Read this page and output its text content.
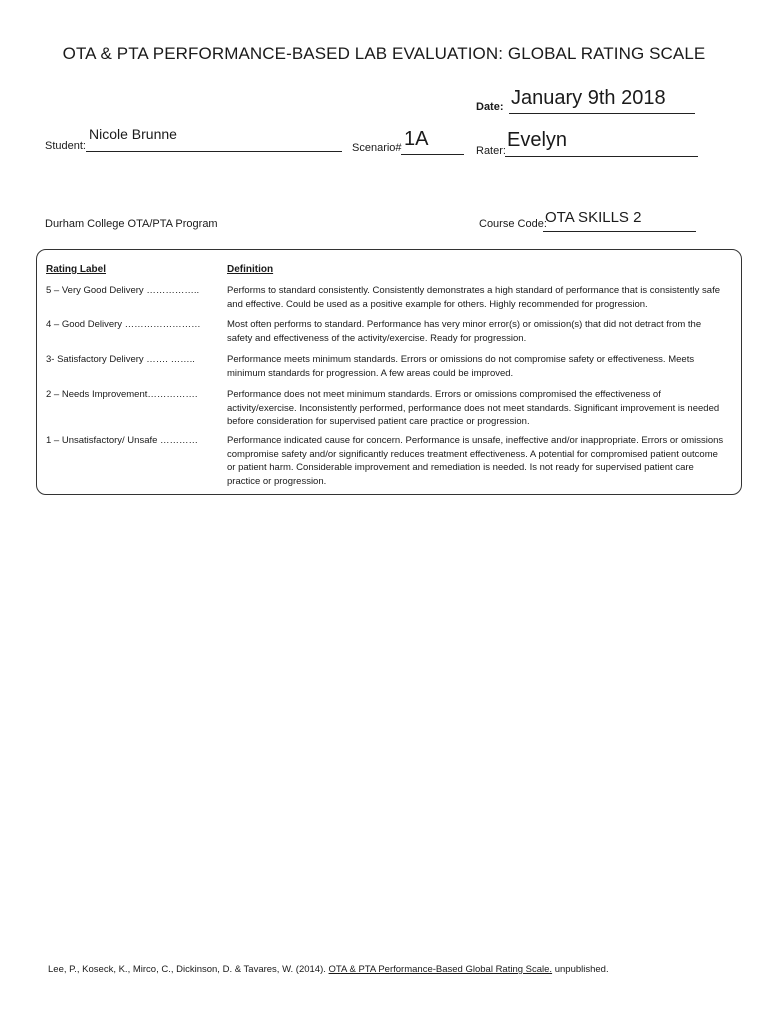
OTA & PTA PERFORMANCE-BASED LAB EVALUATION: GLOBAL RATING SCALE
Date: January 9th 2018
Student:
Nicole Brunne
Scenario# 1A
Rater: Evelyn
Durham College OTA/PTA Program	Course Code:
OTA SKILLS 2
Rating Label	Definition
5 – Very Good Delivery ……………..	Performs to standard consistently. Consistently demonstrates a high standard of performance that is consistently safe and effective. Could be used as a positive example for others. Highly recommended for progression.
4 – Good Delivery ……………………	Most often performs to standard. Performance has very minor error(s) or omission(s) that did not detract from the safety and effectiveness of the activity/exercise. Ready for progression.
3- Satisfactory Delivery ……. ……..	Performance meets minimum standards. Errors or omissions do not compromise safety or effectiveness. Meets minimum standards for progression. A few areas could be improved.
2 – Needs Improvement…………….	Performance does not meet minimum standards. Errors or omissions compromised the effectiveness of activity/exercise. Inconsistently performed, performance does not meet standards. Significant improvement is needed before consideration for supervised patient care practice or progression.
1 – Unsatisfactory/ Unsafe …………	Performance indicated cause for concern. Performance is unsafe, ineffective and/or inappropriate. Errors or omissions compromise safety and/or significantly reduces treatment effectiveness. A potential for compromised patient outcome or patient harm. Considerable improvement and remediation is needed. Is not ready for supervised patient care practice or progression.
Lee, P., Koseck, K., Mirco, C., Dickinson, D. & Tavares, W. (2014). OTA & PTA Performance-Based Global Rating Scale. unpublished.
